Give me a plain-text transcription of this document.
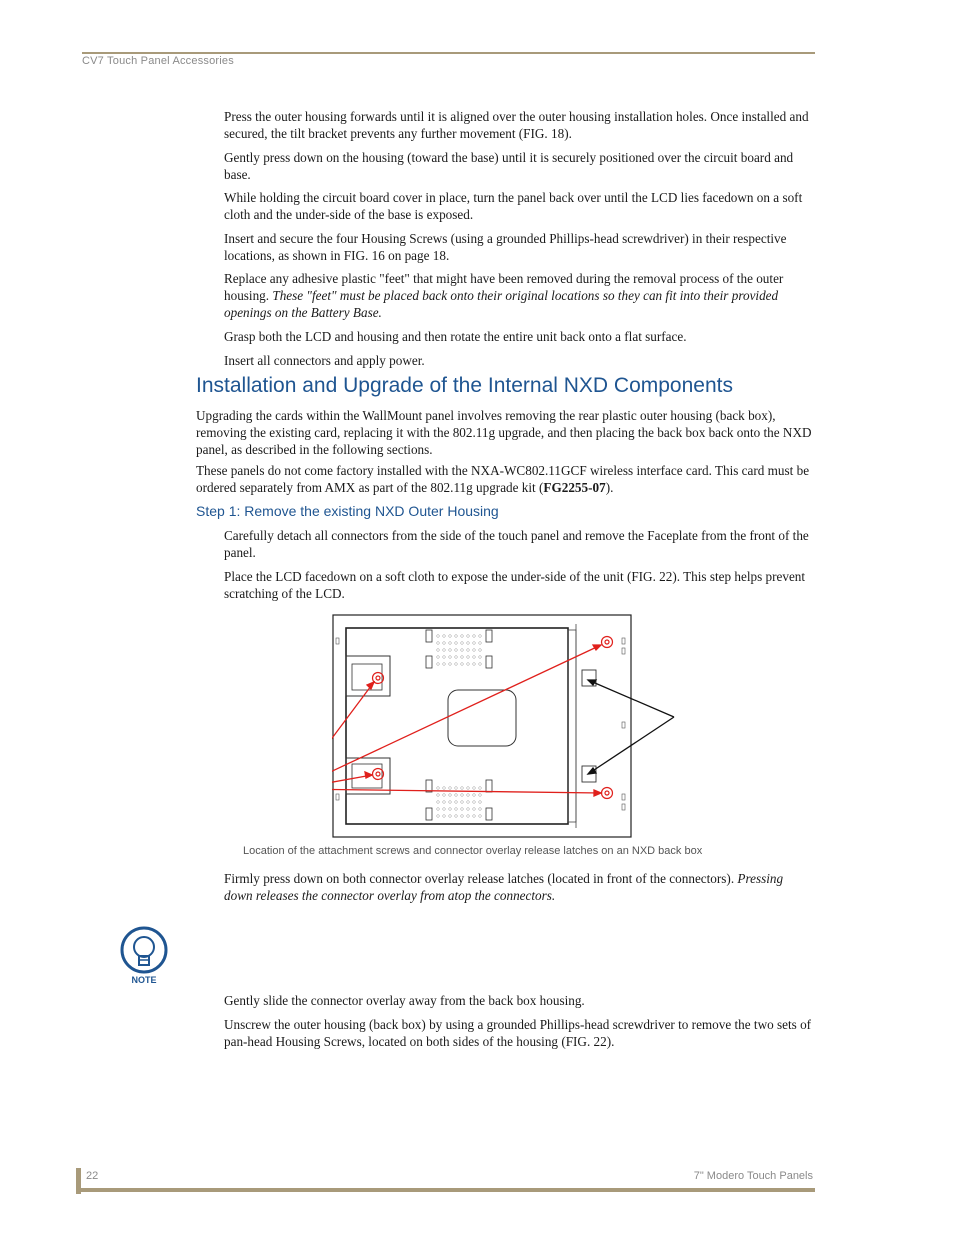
CV7 Touch Panel Accessories

Press the outer housing forwards until it is aligned over the outer housing installation holes. Once installed and secured, the tilt bracket prevents any further movement (FIG. 18).

Gently press down on the housing (toward the base) until it is securely positioned over the circuit board and base.

While holding the circuit board cover in place, turn the panel back over until the LCD lies facedown on a soft cloth and the under-side of the base is exposed.

Insert and secure the four Housing Screws (using a grounded Phillips-head screwdriver) in their respective locations, as shown in FIG. 16 on page 18.

Replace any adhesive plastic "feet" that might have been removed during the removal process of the outer housing. These "feet" must be placed back onto their original locations so they can fit into their provided openings on the Battery Base.

Grasp both the LCD and housing and then rotate the entire unit back onto a flat surface.

Insert all connectors and apply power.

Installation and Upgrade of the Internal NXD Components

Upgrading the cards within the WallMount panel involves removing the rear plastic outer housing (back box), removing the existing card, replacing it with the 802.11g upgrade, and then placing the back box back onto the NXD panel, as described in the following sections.

These panels do not come factory installed with the NXA-WC802.11GCF wireless interface card. This card must be ordered separately from AMX as part of the 802.11g upgrade kit (FG2255-07).

Step 1: Remove the existing NXD Outer Housing

Carefully detach all connectors from the side of the touch panel and remove the Faceplate from the front of the panel.

Place the LCD facedown on a soft cloth to expose the under-side of the unit (FIG. 22). This step helps prevent scratching of the LCD.

Location of the attachment screws and connector overlay release latches on an NXD back box

Firmly press down on both connector overlay release latches (located in front of the connectors). Pressing down releases the connector overlay from atop the connectors.

NOTE

Gently slide the connector overlay away from the back box housing.

Unscrew the outer housing (back box) by using a grounded Phillips-head screwdriver to remove the two sets of pan-head Housing Screws, located on both sides of the housing (FIG. 22).

22	7" Modero Touch Panels
